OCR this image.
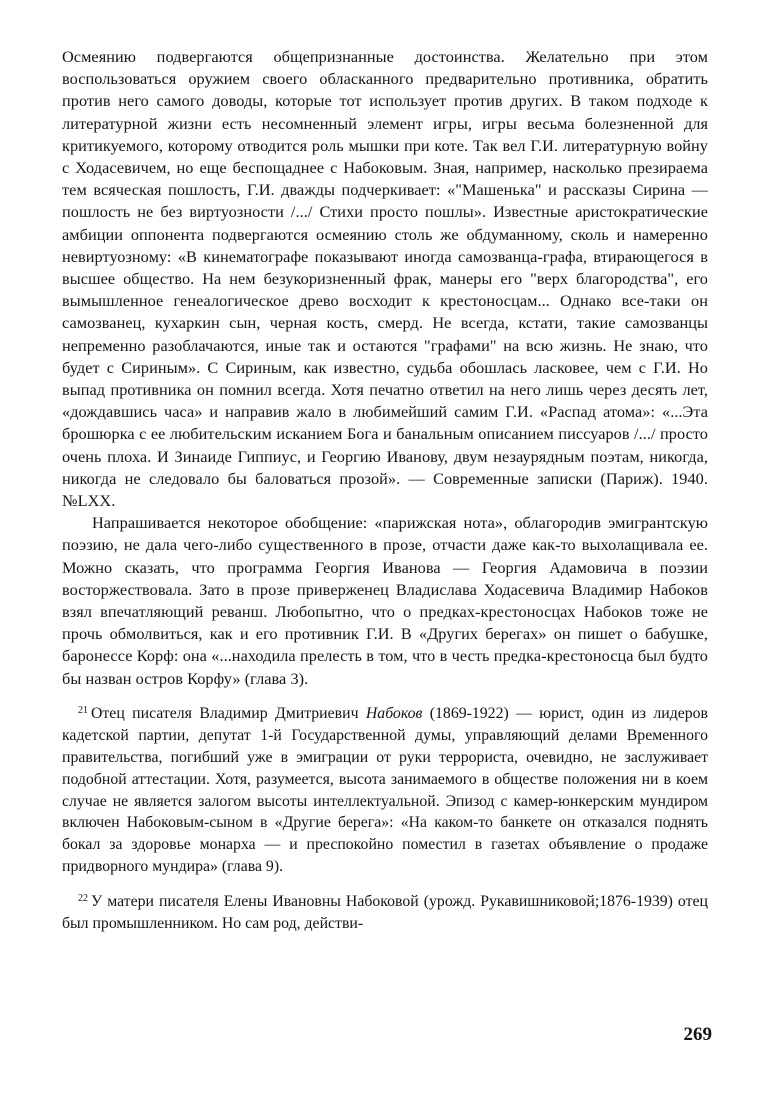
Осмеянию подвергаются общепризнанные достоинства. Желательно при этом воспользоваться оружием своего обласканного предварительно противника, обратить против него самого доводы, которые тот использует против других. В таком подходе к литературной жизни есть несомненный элемент игры, игры весьма болезненной для критикуемого, которому отводится роль мышки при коте. Так вел Г.И. литературную войну с Ходасевичем, но еще беспощаднее с Набоковым. Зная, например, насколько презираема тем всяческая пошлость, Г.И. дважды подчеркивает: «"Машенька" и рассказы Сирина — пошлость не без виртуозности /.../ Стихи просто пошлы». Известные аристократические амбиции оппонента подвергаются осмеянию столь же обдуманному, сколь и намеренно невиртуозному: «В кинематографе показывают иногда самозванца-графа, втирающегося в высшее общество. На нем безукоризненный фрак, манеры его "верх благородства", его вымышленное генеалогическое древо восходит к крестоносцам... Однако все-таки он самозванец, кухаркин сын, черная кость, смерд. Не всегда, кстати, такие самозванцы непременно разоблачаются, иные так и остаются "графами" на всю жизнь. Не знаю, что будет с Сириным». С Сириным, как известно, судьба обошлась ласковее, чем с Г.И. Но выпад противника он помнил всегда. Хотя печатно ответил на него лишь через десять лет, «дождавшись часа» и направив жало в любимейший самим Г.И. «Распад атома»: «...Эта брошюрка с ее любительским исканием Бога и банальным описанием писсуаров /.../ просто очень плоха. И Зинаиде Гиппиус, и Георгию Иванову, двум незаурядным поэтам, никогда, никогда не следовало бы баловаться прозой». — Современные записки (Париж). 1940. №LXX.

Напрашивается некоторое обобщение: «парижская нота», облагородив эмигрантскую поэзию, не дала чего-либо существенного в прозе, отчасти даже как-то выхолащивала ее. Можно сказать, что программа Георгия Иванова — Георгия Адамовича в поэзии восторжествовала. Зато в прозе приверженец Владислава Ходасевича Владимир Набоков взял впечатляющий реванш. Любопытно, что о предках-крестоносцах Набоков тоже не прочь обмолвиться, как и его противник Г.И. В «Других берегах» он пишет о бабушке, баронессе Корф: она «...находила прелесть в том, что в честь предка-крестоносца был будто бы назван остров Корфу» (глава 3).

$^{21}$ Отец писателя Владимир Дмитриевич Набоков (1869-1922) — юрист, один из лидеров кадетской партии, депутат 1-й Государственной думы, управляющий делами Временного правительства, погибший уже в эмиграции от руки террориста, очевидно, не заслуживает подобной аттестации. Хотя, разумеется, высота занимаемого в обществе положения ни в коем случае не является залогом высоты интеллектуальной. Эпизод с камер-юнкерским мундиром включен Набоковым-сыном в «Другие берега»: «На каком-то банкете он отказался поднять бокал за здоровье монарха — и преспокойно поместил в газетах объявление о продаже придворного мундира» (глава 9).

$^{22}$ У матери писателя Елены Ивановны Набоковой (урожд. Рукавишниковой;1876-1939) отец был промышленником. Но сам род, действи-

269
